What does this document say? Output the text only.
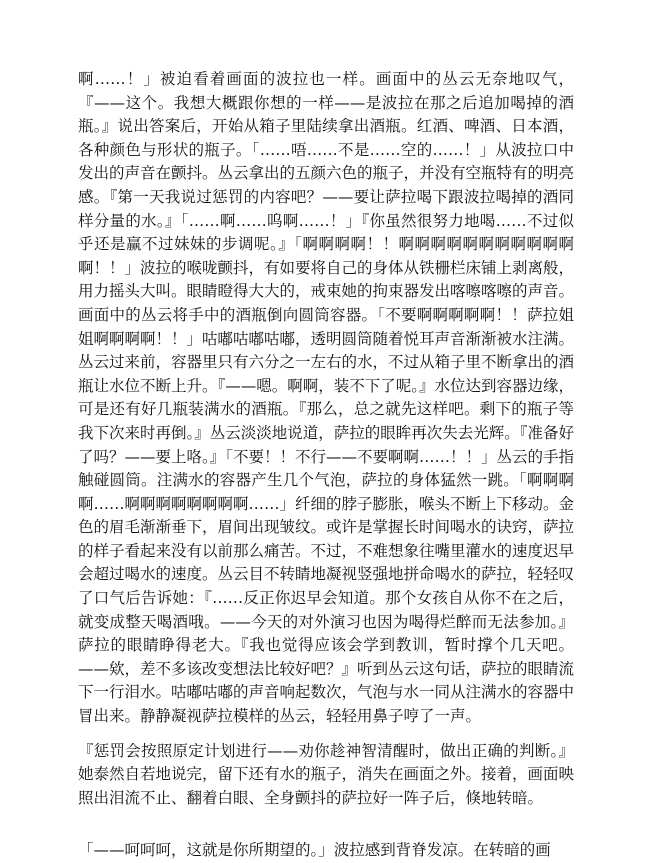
啊……！」被迫看着画面的波拉也一样。画面中的丛云无奈地叹气，『——这个。我想大概跟你想的一样——是波拉在那之后追加喝掉的酒瓶。』说出答案后，开始从箱子里陆续拿出酒瓶。红酒、啤酒、日本酒，各种颜色与形状的瓶子。「……唔……不是……空的……！」从波拉口中发出的声音在颤抖。丛云拿出的五颜六色的瓶子，并没有空瓶特有的明亮感。『第一天我说过惩罚的内容吧？——要让萨拉喝下跟波拉喝掉的酒同样分量的水。』「……啊……呜啊……！」『你虽然很努力地喝……不过似乎还是赢不过妹妹的步调呢。』「啊啊啊啊！！啊啊啊啊啊啊啊啊啊啊啊啊！！」波拉的喉咙颤抖，有如要将自己的身体从铁栅栏床铺上剥离般，用力摇头大叫。眼睛瞪得大大的，戒束她的拘束器发出喀嚓喀嚓的声音。画面中的丛云将手中的酒瓶倒向圆筒容器。「不要啊啊啊啊啊！！萨拉姐姐啊啊啊啊！！」咕嘟咕嘟咕嘟，透明圆筒随着悦耳声音渐渐被水注满。丛云过来前，容器里只有六分之一左右的水，不过从箱子里不断拿出的酒瓶让水位不断上升。『——嗯。啊啊，装不下了呢。』水位达到容器边缘，可是还有好几瓶装满水的酒瓶。『那么，总之就先这样吧。剩下的瓶子等我下次来时再倒。』丛云淡淡地说道，萨拉的眼眸再次失去光辉。『准备好了吗？——要上咯。』「不要！！不行——不要啊啊……！！」丛云的手指触碰圆筒。注满水的容器产生几个气泡，萨拉的身体猛然一跳。「啊啊啊啊……啊啊啊啊啊啊啊啊……」纤细的脖子膨胀，喉头不断上下移动。金色的眉毛渐渐垂下，眉间出现皱纹。或许是掌握长时间喝水的诀窍，萨拉的样子看起来没有以前那么痛苦。不过，不难想象往嘴里灌水的速度迟早会超过喝水的速度。丛云目不转睛地凝视竖强地拼命喝水的萨拉，轻轻叹了口气后告诉她：『……反正你迟早会知道。那个女孩自从你不在之后，就变成整天喝酒哦。——今天的对外演习也因为喝得烂醉而无法参加。』萨拉的眼睛睁得老大。『我也觉得应该会学到教训，暂时撑个几天吧。——欸，差不多该改变想法比较好吧？』听到丛云这句话，萨拉的眼睛流下一行泪水。咕嘟咕嘟的声音响起数次，气泡与水一同从注满水的容器中冒出来。静静凝视萨拉模样的丛云，轻轻用鼻子哼了一声。

『惩罚会按照原定计划进行——劝你趁神智清醒时，做出正确的判断。』她泰然自若地说完，留下还有水的瓶子，消失在画面之外。接着，画面映照出泪流不止、翻着白眼、全身颤抖的萨拉好一阵子后，倏地转暗。

「——呵呵呵，这就是你所期望的。」波拉感到背脊发凉。在转暗的画
